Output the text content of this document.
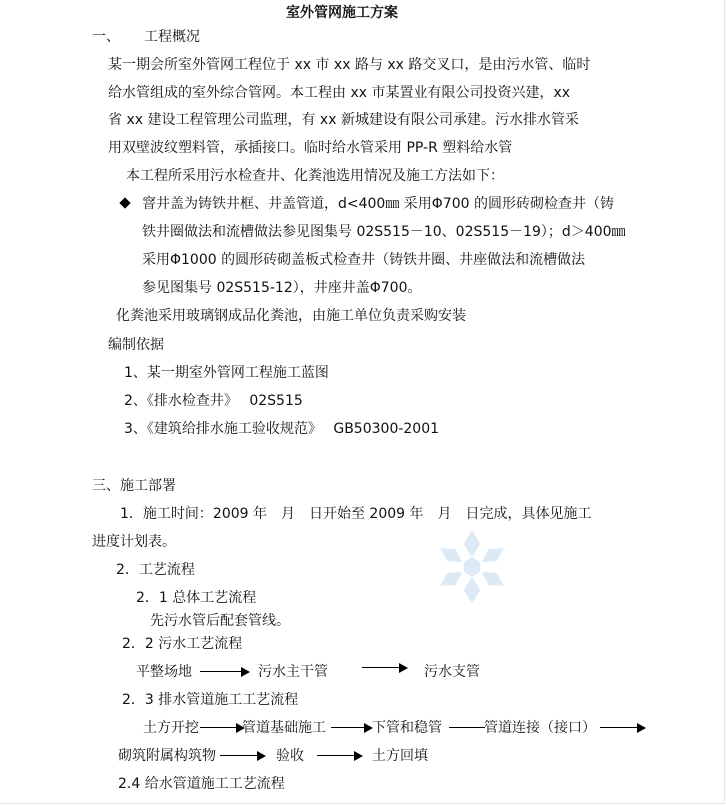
室外管网施工方案
一、 工程概况
某一期会所室外管网工程位于 xx 市 xx 路与 xx 路交叉口，是由污水管、临时
给水管组成的室外综合管网。本工程由 xx 市某置业有限公司投资兴建，xx
省 xx 建设工程管理公司监理，有 xx 新城建设有限公司承建。污水排水管采
用双壁波纹塑料管，承插接口。临时给水管采用 PP-R 塑料给水管
本工程所采用污水检查井、化粪池选用情况及施工方法如下：
窨井盖为铸铁井框、井盖管道，d<400㎜ 采用Φ700 的圆形砖砌检查井（铸
铁井圈做法和流槽做法参见图集号 02S515－10、02S515－19）；d＞400㎜
采用Φ1000 的圆形砖砌盖板式检查井（铸铁井圈、井座做法和流槽做法
参见图集号 02S515-12），井座井盖Φ700。
化粪池采用玻璃钢成品化粪池，由施工单位负责采购安装
编制依据
1、某一期室外管网工程施工蓝图
2、《排水检查井》　 02S515
3、《建筑给排水施工验收规范》　 GB50300-2001
三、施工部署
1．施工时间：2009 年　月　日开始至 2009 年　月　日完成，具体见施工
进度计划表。
2．工艺流程
2．1 总体工艺流程
先污水管后配套管线。
2．2 污水工艺流程
平整场地	污水主干管	污水支管
2．3 排水管道施工工艺流程
土方开挖	管道基础施工	下管和稳管	管道连接（接口）
砌筑附属构筑物	验收	土方回填
2.4 给水管道施工工艺流程
